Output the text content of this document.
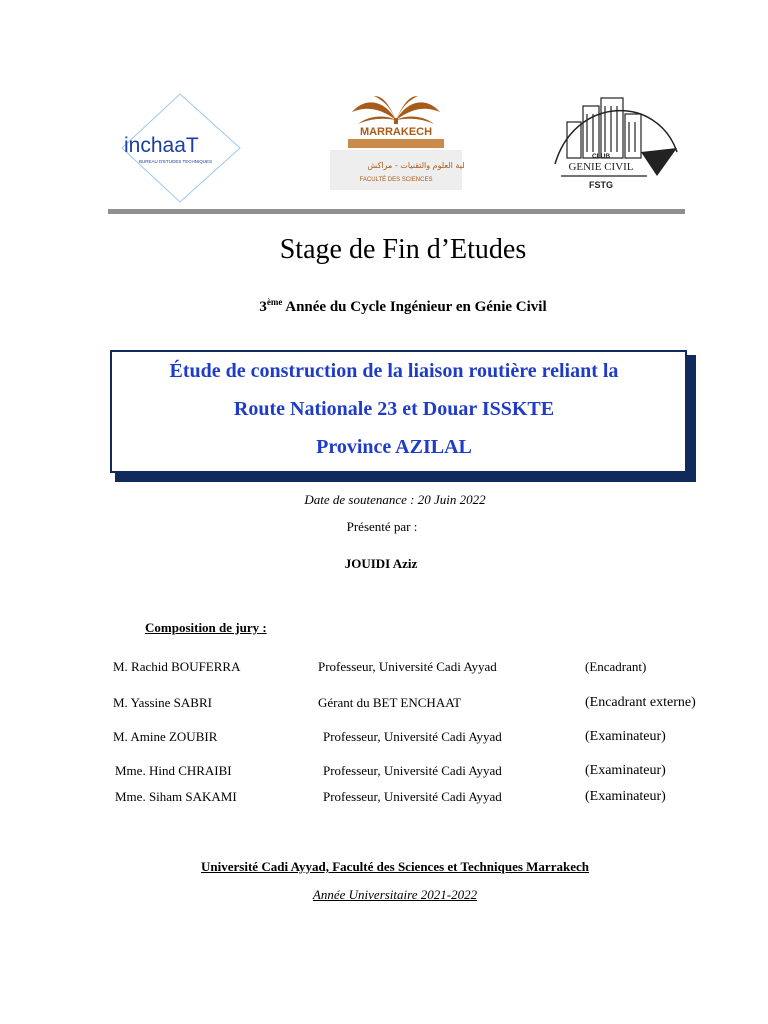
inchaaT
BUREAU D'ETUDES TECHNIQUES
MARRAKECH
كلية العلوم والتقنيات - مراكش
FACULTÉ DES SCIENCES
CLUB
GENIE CIVIL
FSTG
Stage de Fin d’Etudes
3ème Année du Cycle Ingénieur en Génie Civil
Étude de construction de la liaison routière reliant la
Route Nationale 23 et Douar ISSKTE
Province AZILAL
Date de soutenance : 20 Juin 2022
Présenté par :
JOUIDI Aziz
Composition de jury :
M. Rachid BOUFERRA	Professeur, Université Cadi Ayyad	(Encadrant)
M. Yassine SABRI	Gérant du BET ENCHAAT	(Encadrant externe)
M. Amine ZOUBIR	Professeur, Université Cadi Ayyad	(Examinateur)
Mme. Hind CHRAIBI	Professeur, Université Cadi Ayyad	(Examinateur)
Mme. Siham SAKAMI	Professeur, Université Cadi Ayyad	(Examinateur)
Université Cadi Ayyad, Faculté des Sciences et Techniques Marrakech
Année Universitaire 2021-2022
